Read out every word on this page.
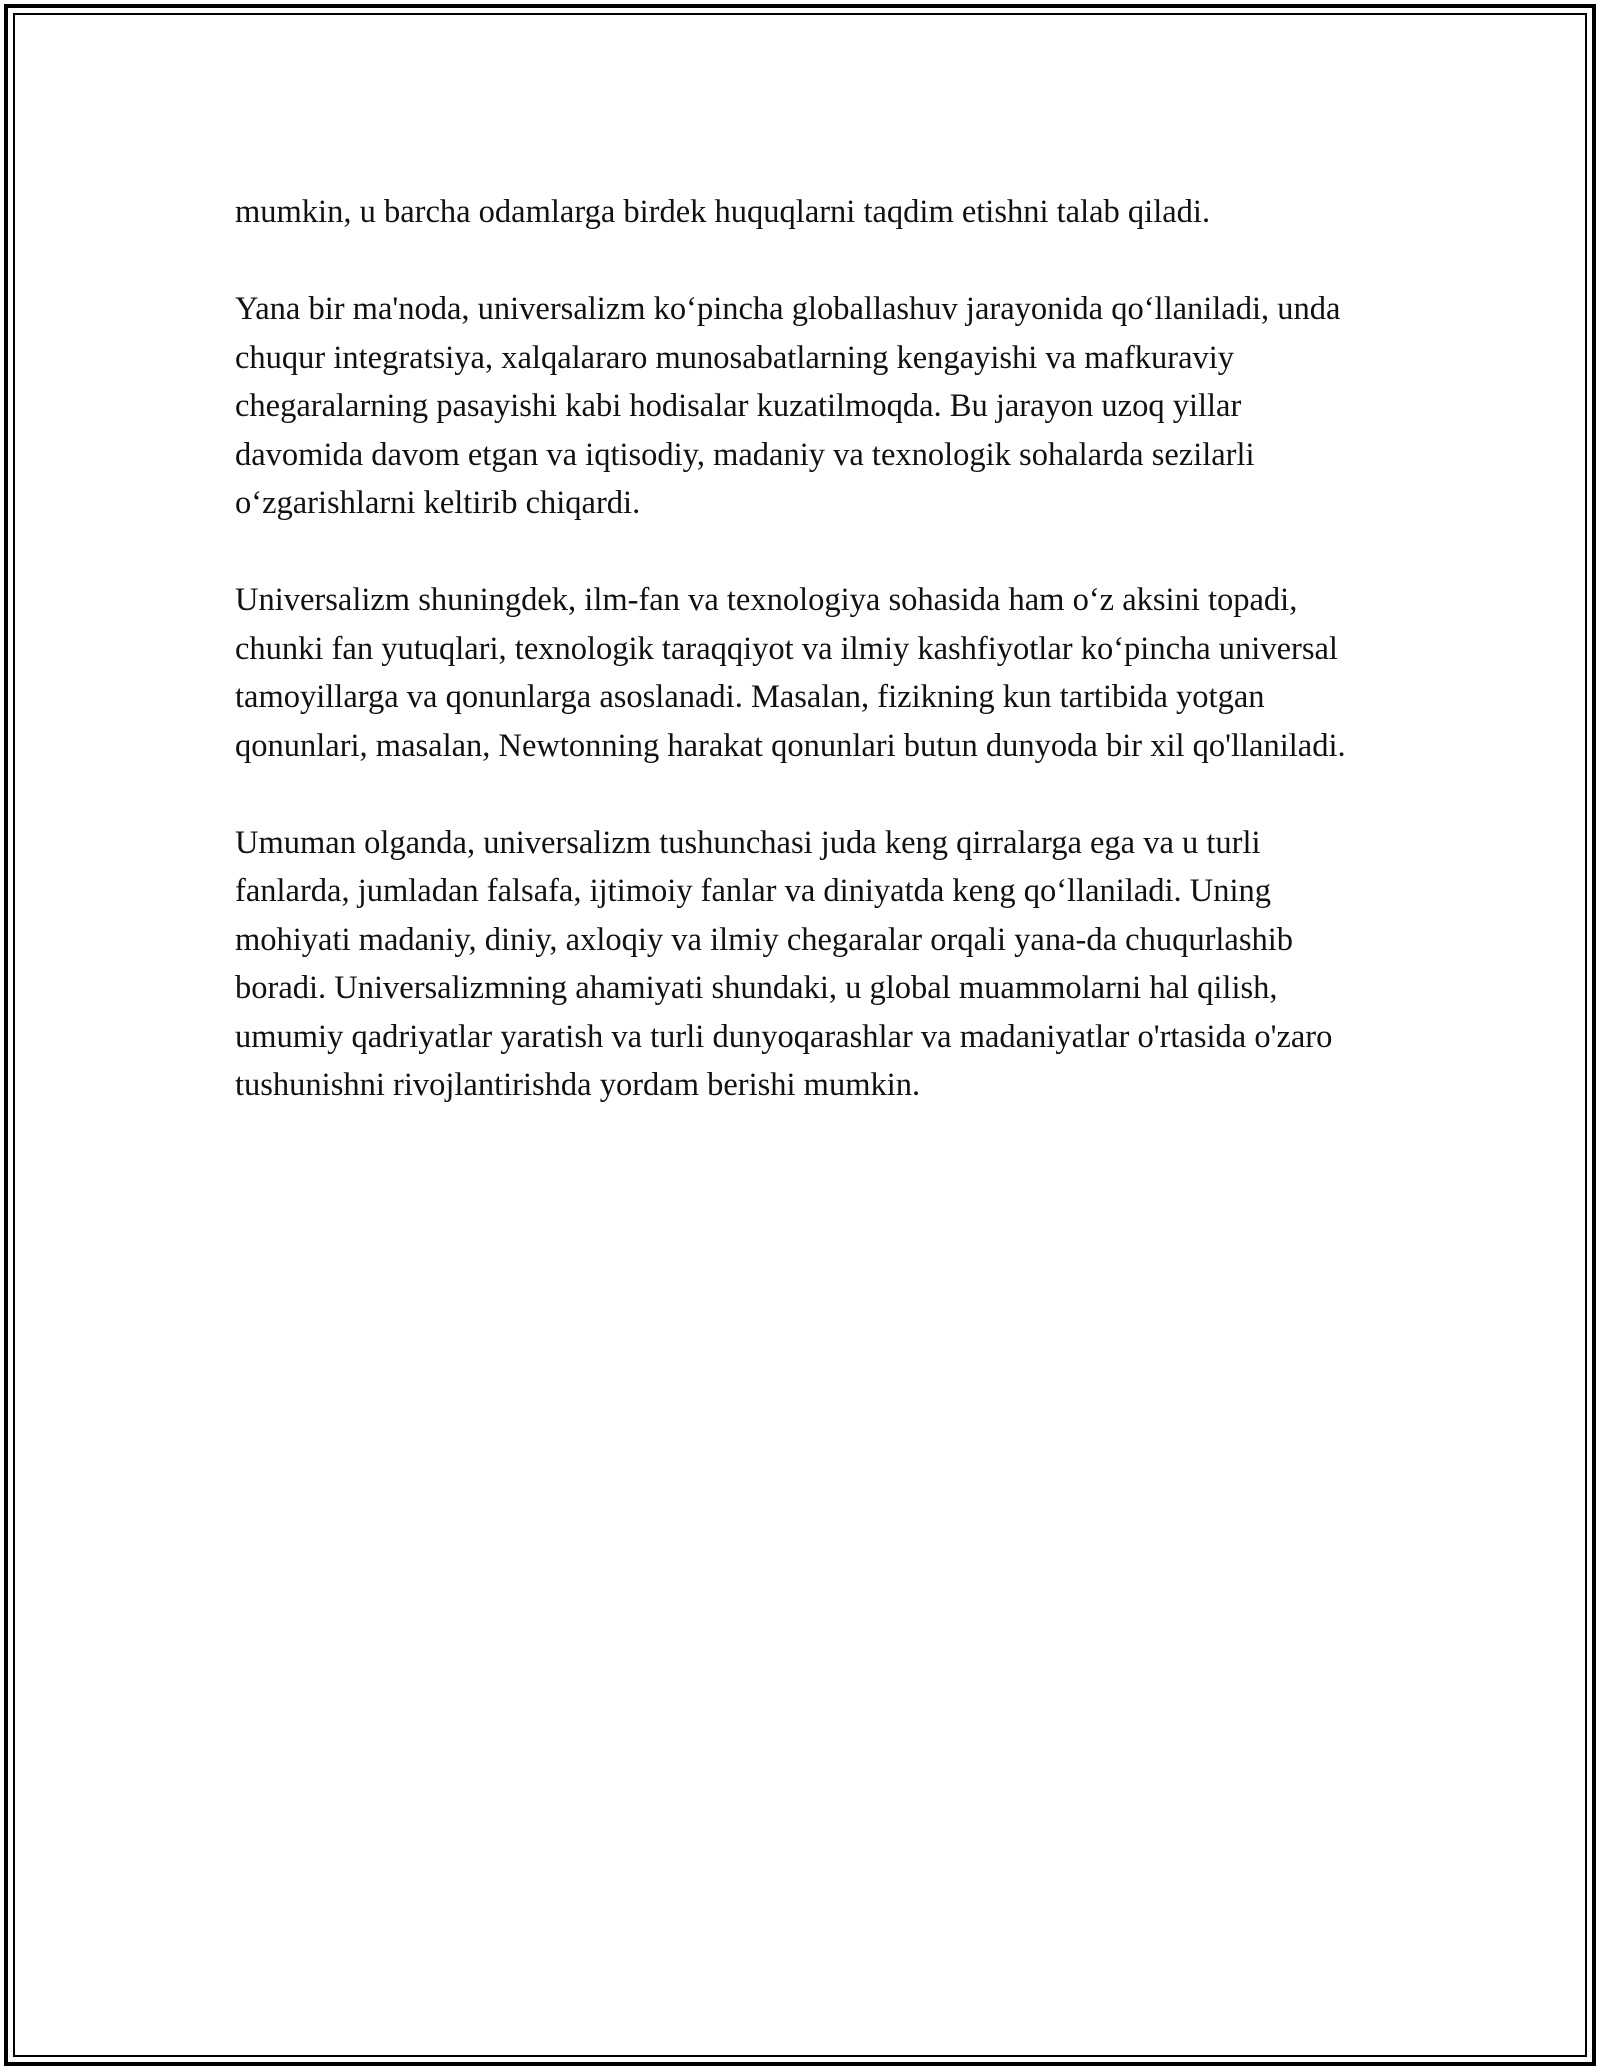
mumkin, u barcha odamlarga birdek huquqlarni taqdim etishni talab qiladi.

Yana bir ma'noda, universalizm ko‘pincha globallashuv jarayonida qo‘llaniladi, unda chuqur integratsiya, xalqalararo munosabatlarning kengayishi va mafkuraviy chegaralarning pasayishi kabi hodisalar kuzatilmoqda. Bu jarayon uzoq yillar davomida davom etgan va iqtisodiy, madaniy va texnologik sohalarda sezilarli o‘zgarishlarni keltirib chiqardi.

Universalizm shuningdek, ilm-fan va texnologiya sohasida ham o‘z aksini topadi, chunki fan yutuqlari, texnologik taraqqiyot va ilmiy kashfiyotlar ko‘pincha universal tamoyillarga va qonunlarga asoslanadi. Masalan, fizikning kun tartibida yotgan qonunlari, masalan, Newtonning harakat qonunlari butun dunyoda bir xil qo'llaniladi.

Umuman olganda, universalizm tushunchasi juda keng qirralarga ega va u turli fanlarda, jumladan falsafa, ijtimoiy fanlar va diniyatda keng qo‘llaniladi. Uning mohiyati madaniy, diniy, axloqiy va ilmiy chegaralar orqali yana-da chuqurlashib boradi. Universalizmning ahamiyati shundaki, u global muammolarni hal qilish, umumiy qadriyatlar yaratish va turli dunyoqarashlar va madaniyatlar o'rtasida o'zaro tushunishni rivojlantirishda yordam berishi mumkin.
